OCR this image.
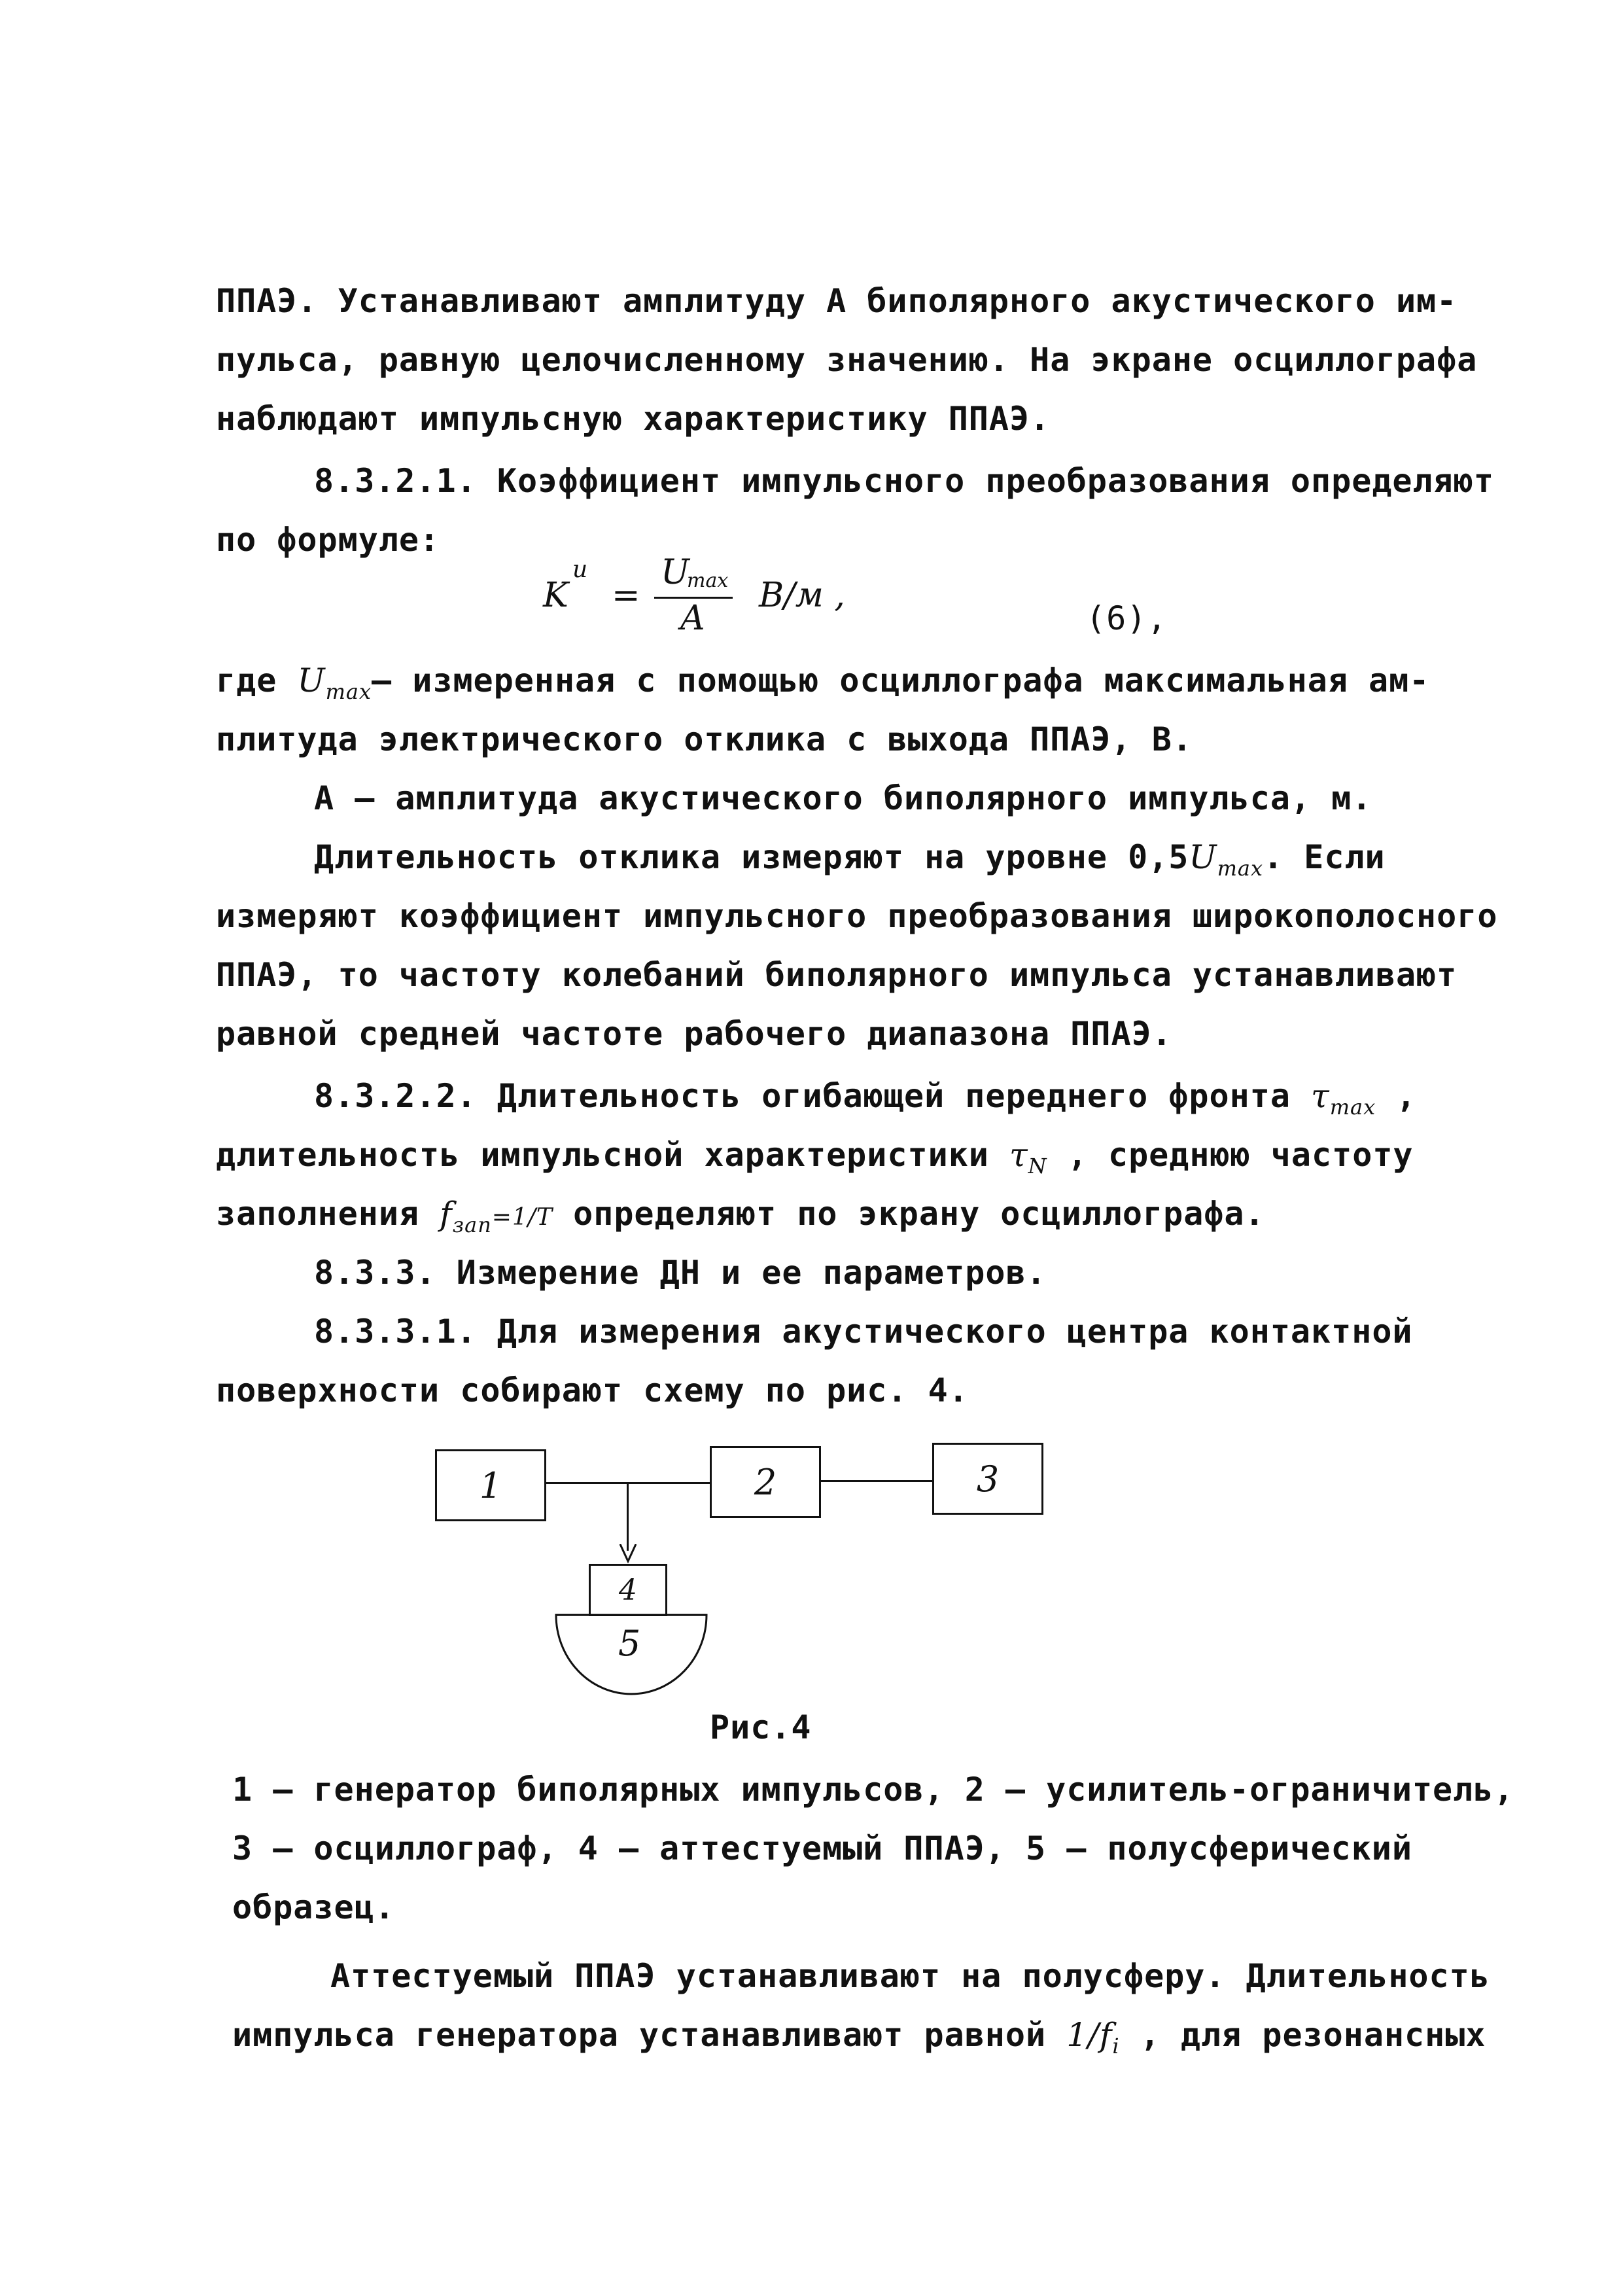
ППАЭ. Устанавливают амплитуду А биполярного акустического им-
пульса, равную целочисленному значению. На экране осциллографа
наблюдают импульсную характеристику ППАЭ.
8.3.2.1. Коэффициент импульсного преобразования определяют
по формуле:
K
u
=
U
max
A
В/м ,
(6),
где $U_{max}-$ измеренная с помощью осциллографа максимальная ам-
плитуда электрического отклика с выхода ППАЭ, В.
А – амплитуда акустического биполярного импульса, м.
Длительность отклика измеряют на уровне $0,5U_{max}$. Если
измеряют коэффициент импульсного преобразования широкополосного
ППАЭ, то частоту колебаний биполярного импульса устанавливают
равной средней частоте рабочего диапазона ППАЭ.
8.3.2.2. Длительность огибающей переднего фронта $\tau_{max}$ ,
длительность импульсной характеристики $\tau_N$ , среднюю частоту
заполнения $f_{зап}=1/T$ определяют по экрану осциллографа.
8.3.3. Измерение ДН и ее параметров.
8.3.3.1. Для измерения акустического центра контактной
поверхности собирают схему по рис. 4.
1	2	3
4
5
Рис.4
1 – генератор биполярных импульсов, 2 – усилитель-ограничитель,
3 – осциллограф, 4 – аттестуемый ППАЭ, 5 – полусферический
образец.
Аттестуемый ППАЭ устанавливают на полусферу. Длительность
импульса генератора устанавливают равной $1/f_i$ , для резонансных
